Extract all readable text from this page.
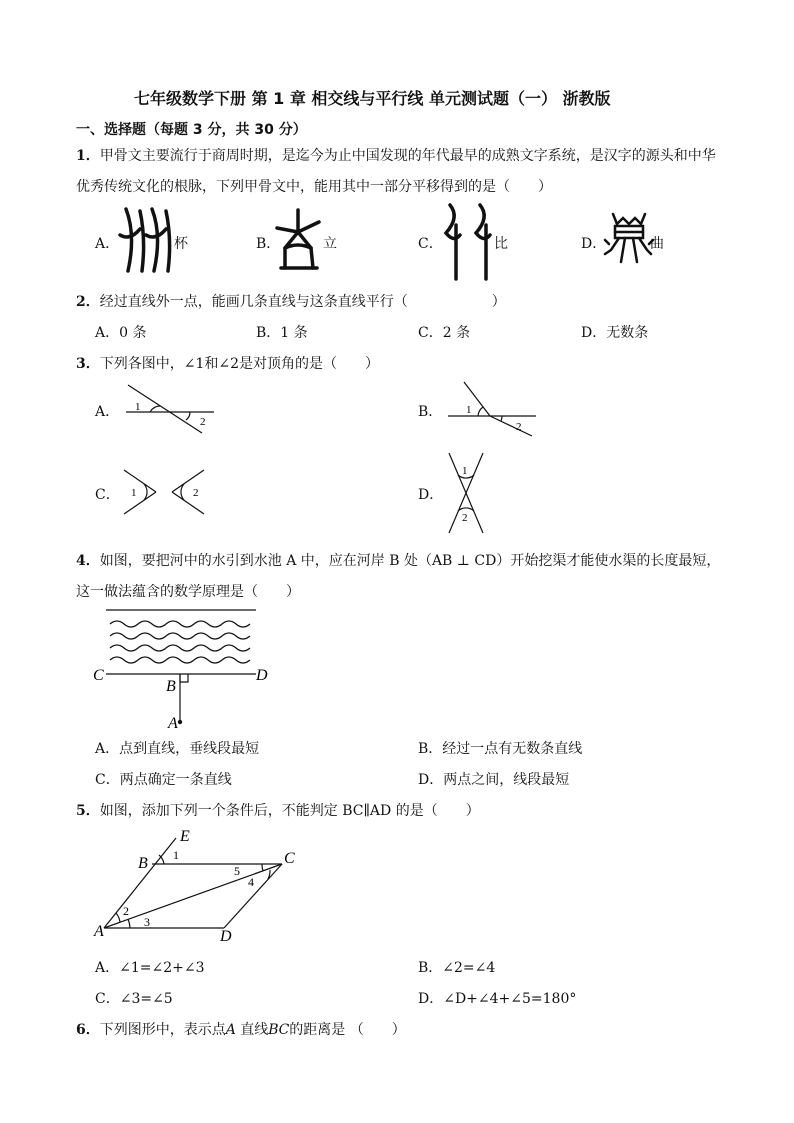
七年级数学下册 第 1 章 相交线与平行线 单元测试题（一） 浙教版
一、选择题（每题 3 分，共 30 分）
1．甲骨文主要流行于商周时期，是迄今为止中国发现的年代最早的成熟文字系统，是汉字的源头和中华
优秀传统文化的根脉，下列甲骨文中，能用其中一部分平移得到的是（　　）
A．	杯	B．	立	C．	比	D．	曲
2．经过直线外一点，能画几条直线与这条直线平行（　　　　　　）
A．0 条	B．1 条	C．2 条	D．无数条
3．下列各图中，∠1和∠2是对顶角的是（　　）
A． 1
2
B． 1
2
C． 1	2	D．
1
2
4．如图，要把河中的水引到水池 A 中，应在河岸 B 处（AB ⊥ CD）开始挖渠才能使水渠的长度最短，
这一做法蕴含的数学原理是（　　）
C
B
D
A
A．点到直线，垂线段最短	B．经过一点有无数条直线
C．两点确定一条直线	D．两点之间，线段最短
5．如图，添加下列一个条件后，不能判定 BC∥AD 的是（　　）
E
B	C
A	D
1
2
3
4
5
A．∠1=∠2+∠3	B．∠2=∠4
C．∠3=∠5	D．∠D+∠4+∠5=180°
6．下列图形中，表示点𝐴 直线𝐵𝐶的距离是 （　　）
